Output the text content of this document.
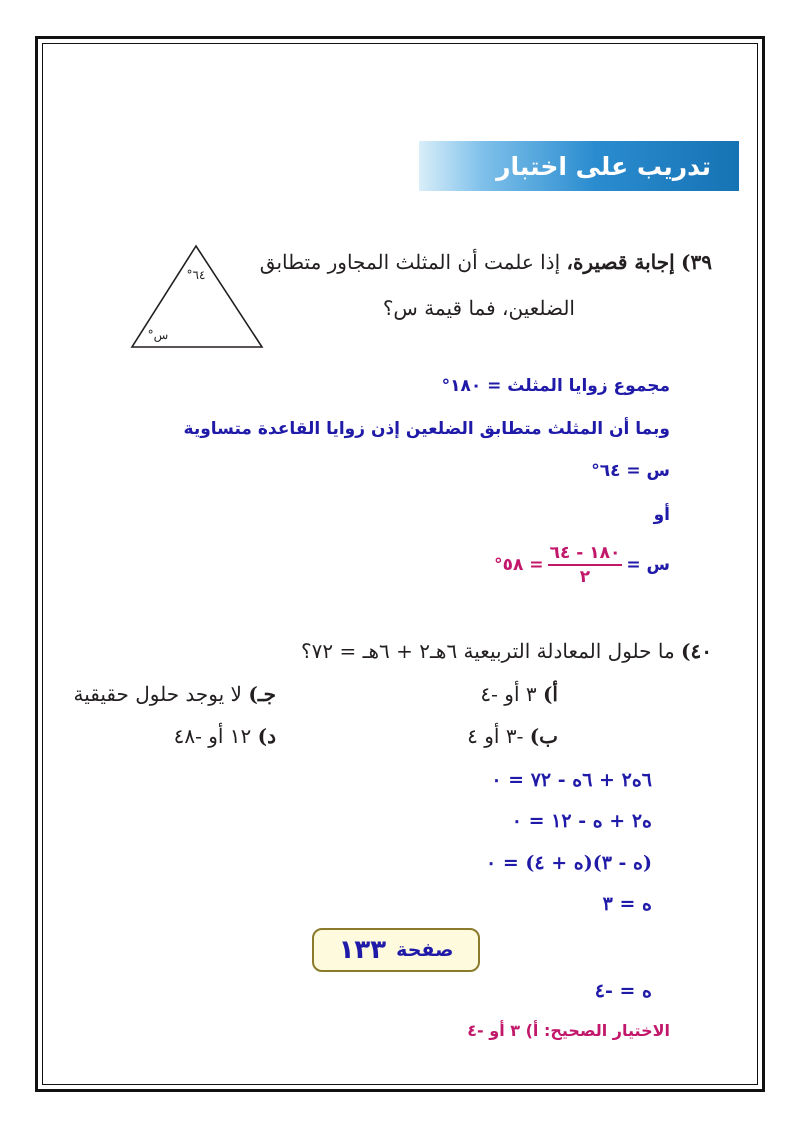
تدريب على اختبار
٣٩) إجابة قصيرة، إذا علمت أن المثلث المجاور متطابق
الضلعين، فما قيمة س؟
٦٤°
س°
مجموع زوايا المثلث = ١٨٠°
وبما أن المثلث متطابق الضلعين إذن زوايا القاعدة متساوية
س = ٦٤°
أو
س =
$\frac{١٨٠ - ٦٤}{٢}$
= ٥٨°
٤٠) ما حلول المعادلة التربيعية ٦هـ٢ + ٦هـ = ٧٢؟
أ) ٣ أو -٤
جـ) لا يوجد حلول حقيقية
ب) -٣ أو ٤
د) ١٢ أو -٤٨
٦ه٢ + ٦ه - ٧٢ = ٠
ه٢ + ه - ١٢ = ٠
(ه - ٣)(ه + ٤) = ٠
ه = ٣
ه = -٤
صفحة
١٣٣
الاختيار الصحيح: أ) ٣ أو -٤
